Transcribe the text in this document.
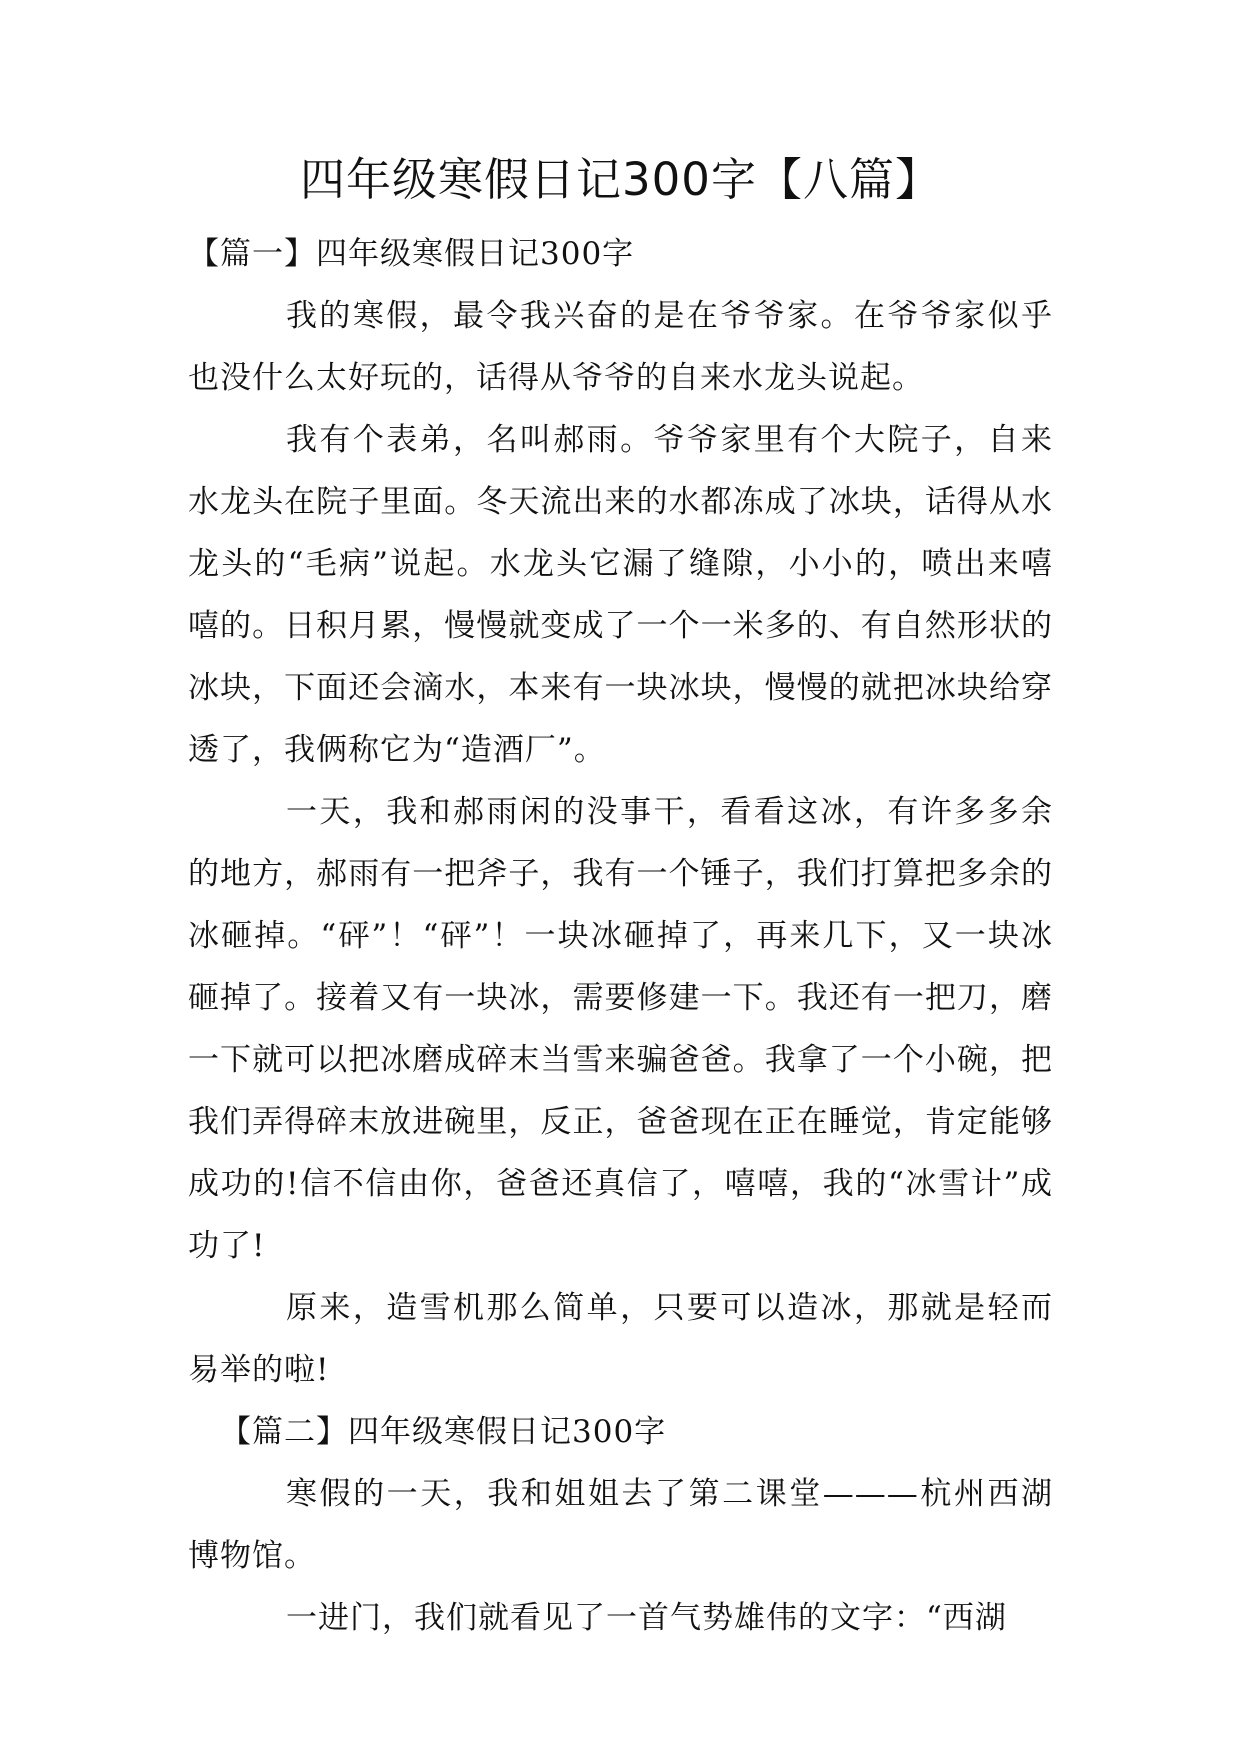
四年级寒假日记300字【八篇】
【篇一】四年级寒假日记300字

我的寒假，最令我兴奋的是在爷爷家。在爷爷家似乎也没什么太好玩的，话得从爷爷的自来水龙头说起。

我有个表弟，名叫郝雨。爷爷家里有个大院子，自来水龙头在院子里面。冬天流出来的水都冻成了冰块，话得从水龙头的“毛病”说起。水龙头它漏了缝隙，小小的，喷出来嘻嘻的。日积月累，慢慢就变成了一个一米多的、有自然形状的冰块，下面还会滴水，本来有一块冰块，慢慢的就把冰块给穿透了，我俩称它为“造酒厂”。

一天，我和郝雨闲的没事干，看看这冰，有许多多余的地方，郝雨有一把斧子，我有一个锤子，我们打算把多余的冰砸掉。“砰”！“砰”！一块冰砸掉了，再来几下，又一块冰砸掉了。接着又有一块冰，需要修建一下。我还有一把刀，磨一下就可以把冰磨成碎末当雪来骗爸爸。我拿了一个小碗，把我们弄得碎末放进碗里，反正，爸爸现在正在睡觉，肯定能够成功的!信不信由你，爸爸还真信了，嘻嘻，我的“冰雪计”成功了!

原来，造雪机那么简单，只要可以造冰，那就是轻而易举的啦!

【篇二】四年级寒假日记300字

寒假的一天，我和姐姐去了第二课堂———杭州西湖博物馆。

一进门，我们就看见了一首气势雄伟的文字：“西湖
